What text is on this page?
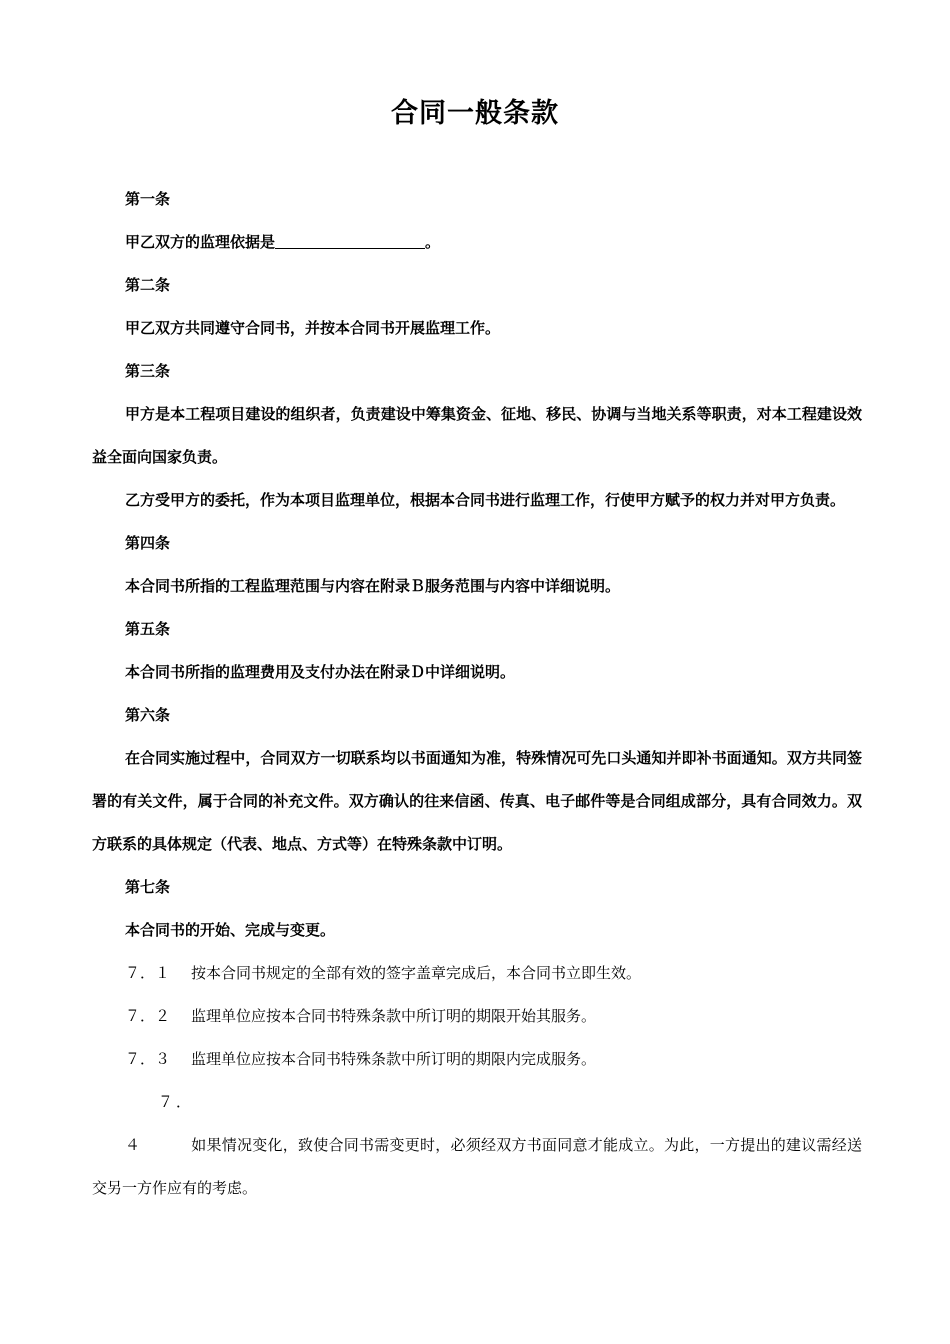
合同一般条款

第一条

甲乙双方的监理依据是	。

第二条

甲乙双方共同遵守合同书，并按本合同书开展监理工作。

第三条

甲方是本工程项目建设的组织者，负责建设中筹集资金、征地、移民、协调与当地关系等职责，对本工程建设效益全面向国家负责。

乙方受甲方的委托，作为本项目监理单位，根据本合同书进行监理工作，行使甲方赋予的权力并对甲方负责。

第四条

本合同书所指的工程监理范围与内容在附录Ｂ服务范围与内容中详细说明。

第五条

本合同书所指的监理费用及支付办法在附录Ｄ中详细说明。

第六条

在合同实施过程中，合同双方一切联系均以书面通知为准，特殊情况可先口头通知并即补书面通知。双方共同签署的有关文件，属于合同的补充文件。双方确认的往来信函、传真、电子邮件等是合同组成部分，具有合同效力。双方联系的具体规定（代表、地点、方式等）在特殊条款中订明。

第七条

本合同书的开始、完成与变更。

７．１ 按本合同书规定的全部有效的签字盖章完成后，本合同书立即生效。

７．２ 监理单位应按本合同书特殊条款中所订明的期限开始其服务。

７．３ 监理单位应按本合同书特殊条款中所订明的期限内完成服务。

７．４	如果情况变化，致使合同书需变更时，必须经双方书面同意才能成立。为此，一方提出的建议需经送交另一方作应有的考虑。
